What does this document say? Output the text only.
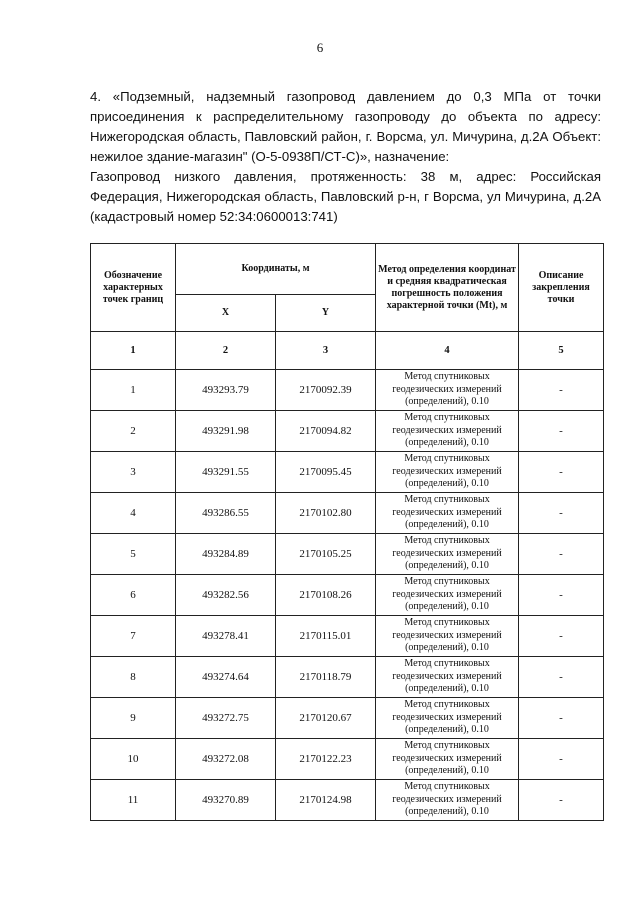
6

4. «Подземный, надземный газопровод давлением до 0,3 МПа от точки присоединения к распределительному газопроводу до объекта по адресу: Нижегородская область, Павловский район, г. Ворсма, ул. Мичурина, д.2А Объект: нежилое здание-магазин" (О-5-0938П/СТ-С)», назначение:

Газопровод низкого давления, протяженность: 38 м, адрес: Российская Федерация, Нижегородская область, Павловский р-н, г Ворсма, ул Мичурина, д.2А (кадастровый номер 52:34:0600013:741)

Обозначение характерных точек границ	Координаты, м		Метод определения координат и средняя квадратическая погрешность положения характерной точки (Mt), м	Описание закрепления точки
	X	Y		
1	2	3	4	5
1	493293.79	2170092.39	Метод спутниковых геодезических измерений (определений), 0.10	-
2	493291.98	2170094.82	Метод спутниковых геодезических измерений (определений), 0.10	-
3	493291.55	2170095.45	Метод спутниковых геодезических измерений (определений), 0.10	-
4	493286.55	2170102.80	Метод спутниковых геодезических измерений (определений), 0.10	-
5	493284.89	2170105.25	Метод спутниковых геодезических измерений (определений), 0.10	-
6	493282.56	2170108.26	Метод спутниковых геодезических измерений (определений), 0.10	-
7	493278.41	2170115.01	Метод спутниковых геодезических измерений (определений), 0.10	-
8	493274.64	2170118.79	Метод спутниковых геодезических измерений (определений), 0.10	-
9	493272.75	2170120.67	Метод спутниковых геодезических измерений (определений), 0.10	-
10	493272.08	2170122.23	Метод спутниковых геодезических измерений (определений), 0.10	-
11	493270.89	2170124.98	Метод спутниковых геодезических измерений (определений), 0.10	-
